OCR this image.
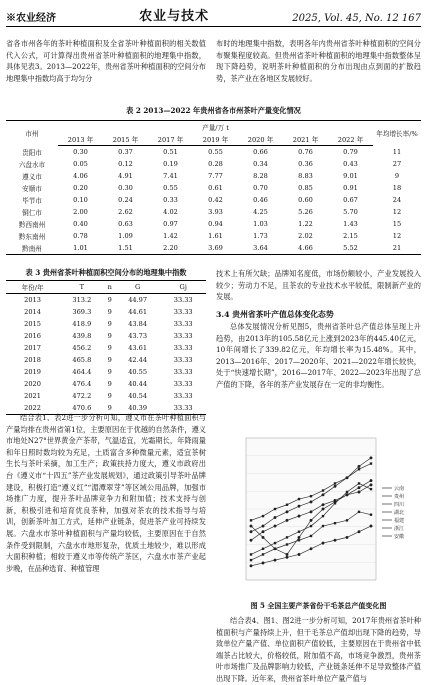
※农业经济	农业与技术	2025, Vol. 45, No. 12 167
省各市州各年的茶叶种植面积及全省茶叶种植面积的相关数值代入公式，可计算得出贵州省茶叶种植面积的地理集中指数，具体见表3。2013—2022年，贵州省茶叶种植面积的空间分布地理集中指数均高于均匀分
布时的地理集中指数，表明各年内贵州省茶叶种植面积的空间分布聚集程度较高。但贵州省茶叶种植面积的地理集中指数整体呈现下降趋势，说明茶叶种植面积的分布出现由点到面的扩散趋势，茶产业在各地区发展较好。
表 2 2013—2022 年贵州省各市州茶叶产量变化情况
市州	产量/万 t							年均增长率/%
	2013 年	2015 年	2017 年	2019 年	2020 年	2021 年	2022 年	
贵阳市	0.30	0.37	0.51	0.55	0.66	0.76	0.79	11
六盘水市	0.05	0.12	0.19	0.28	0.34	0.36	0.43	27
遵义市	4.06	4.91	7.41	7.77	8.28	8.83	9.01	9
安顺市	0.20	0.30	0.55	0.61	0.70	0.85	0.91	18
毕节市	0.10	0.24	0.33	0.42	0.46	0.60	0.67	24
铜仁市	2.00	2.62	4.02	3.93	4.25	5.26	5.70	12
黔西南州	0.40	0.63	0.97	0.94	1.03	1.22	1.43	15
黔东南州	0.78	1.09	1.42	1.61	1.73	2.02	2.15	12
黔南州	1.01	1.51	2.20	3.69	3.64	4.66	5.52	21
表 3 贵州省茶叶种植面积空间分布的地理集中指数
年份/年	T	n	G	Gj
2013	313.2	9	44.97	33.33
2014	369.3	9	44.61	33.33
2015	418.9	9	43.84	33.33
2016	439.8	9	43.73	33.33
2017	456.2	9	43.61	33.33
2018	465.8	9	42.44	33.33
2019	464.4	9	40.55	33.33
2020	476.4	9	40.44	33.33
2021	472.2	9	40.54	33.33
2022	470.6	9	40.39	33.33
技术上有所欠缺；品牌知名度低，市场份额较小，产业发展投入较少；劳动力不足，且茶农的专业技术水平较低，限制新产业的发展。
3.4 贵州省茶叶产值总体变化态势
总体发展情况分析见图5，贵州省茶叶总产值总体呈现上升趋势，由2013年的105.58亿元上涨到2023年的445.40亿元，10年间增长了339.82亿元，年均增长率为15.48%。其中，2013—2016年、2017—2020年、2021—2022年增长较快，处于“快速增长期”，2016—2017年、2022—2023年出现了总产值的下降，各年的茶产业发展存在一定的非均衡性。
结合表1、表2进一步分析可知，遵义市在茶叶种植面积与产量均排在贵州省第1位，主要原因在于优越的自然条件，遵义市地处N27°世界黄金产茶带，气温适宜，光霜期长，年降雨量和年日照时数均较为充足，土质富含多种微量元素，适宜茶树生长与茶叶采摘，加工生产；政策扶持力度大，遵义市政府出台《遵义市“十四五”茶产业发展规划》，通过政策引导茶叶品牌建设，积极打造“遵义红”“湄潭翠芽”等区域公用品牌，加强市场推广力度，提升茶叶品牌竞争力和附加值；技术支持与创新，积极引进和培育优良茶种，加强对茶农的技术指导与培训，创新茶叶加工方式，延伸产业链条，促进茶产业可持续发展。六盘水市茶叶种植面积与产量均较低，主要原因在于自然条件受到限制，六盘水市地形复杂，优质土地较少，难以形成大面积种植；相较于遵义市等传统产茶区，六盘水市茶产业起步晚，在品种选育、种植管理
云南
贵州
四川
湖北
福建
浙江
安徽
图 5 全国主要产茶省份干毛茶总产值变化图
结合表4、图1、图2进一步分析可知，2017年贵州省茶叶种植面积与产量持续上升，但干毛茶总产值却出现下降的趋势，导致单位产量产值、单位面积产值较低，主要原因在于贵州省中低端茶占比较大，价格较低，附加值不高，市场竞争激烈，贵州茶叶市场推广及品牌影响力较低，产业链条延伸不足导致整体产值出现下降。近年来，贵州省茶叶单位产量产值与
